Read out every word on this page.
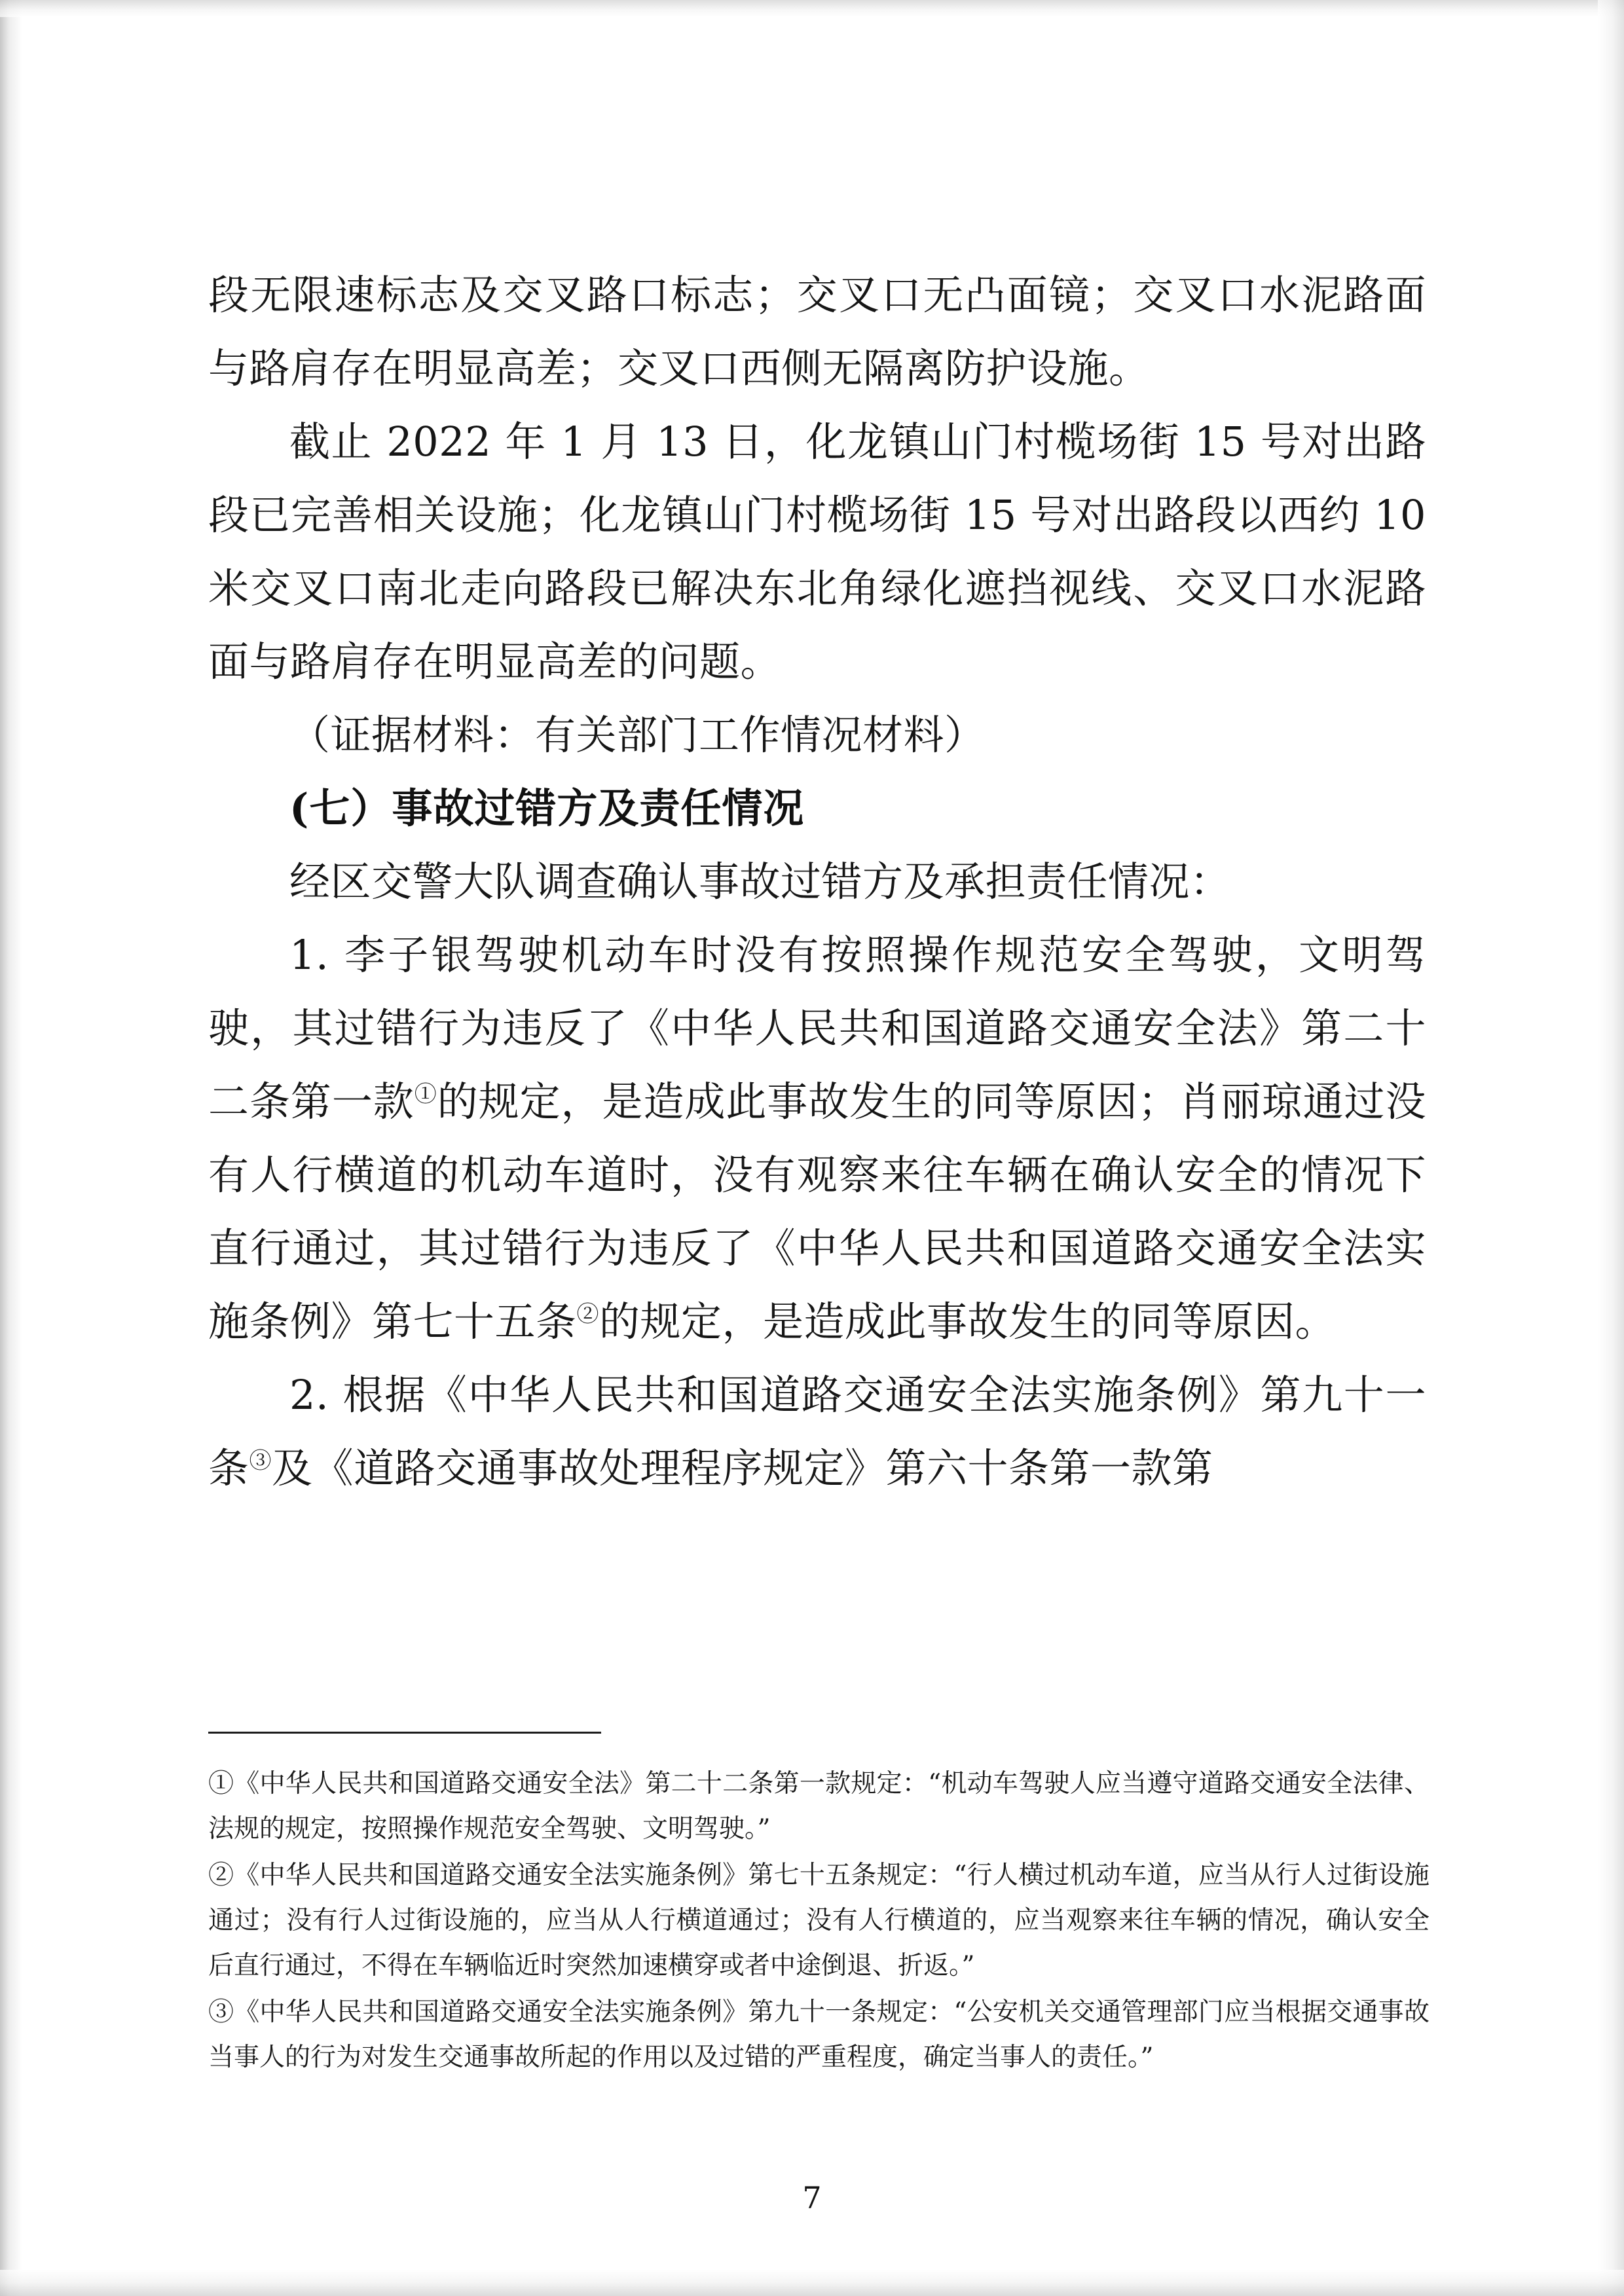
段无限速标志及交叉路口标志；交叉口无凸面镜；交叉口水泥路面与路肩存在明显高差；交叉口西侧无隔离防护设施。

截止 2022 年 1 月 13 日，化龙镇山门村榄场街 15 号对出路段已完善相关设施；化龙镇山门村榄场街 15 号对出路段以西约 10 米交叉口南北走向路段已解决东北角绿化遮挡视线、交叉口水泥路面与路肩存在明显高差的问题。

（证据材料：有关部门工作情况材料）

(七）事故过错方及责任情况

经区交警大队调查确认事故过错方及承担责任情况：

1. 李子银驾驶机动车时没有按照操作规范安全驾驶，文明驾驶，其过错行为违反了《中华人民共和国道路交通安全法》第二十二条第一款①的规定，是造成此事故发生的同等原因；肖丽琼通过没有人行横道的机动车道时，没有观察来往车辆在确认安全的情况下直行通过，其过错行为违反了《中华人民共和国道路交通安全法实施条例》第七十五条②的规定，是造成此事故发生的同等原因。

2. 根据《中华人民共和国道路交通安全法实施条例》第九十一条③及《道路交通事故处理程序规定》第六十条第一款第

①《中华人民共和国道路交通安全法》第二十二条第一款规定：“机动车驾驶人应当遵守道路交通安全法律、法规的规定，按照操作规范安全驾驶、文明驾驶。”

②《中华人民共和国道路交通安全法实施条例》第七十五条规定：“行人横过机动车道，应当从行人过街设施通过；没有行人过街设施的，应当从人行横道通过；没有人行横道的，应当观察来往车辆的情况，确认安全后直行通过，不得在车辆临近时突然加速横穿或者中途倒退、折返。”

③《中华人民共和国道路交通安全法实施条例》第九十一条规定：“公安机关交通管理部门应当根据交通事故当事人的行为对发生交通事故所起的作用以及过错的严重程度，确定当事人的责任。”

7
